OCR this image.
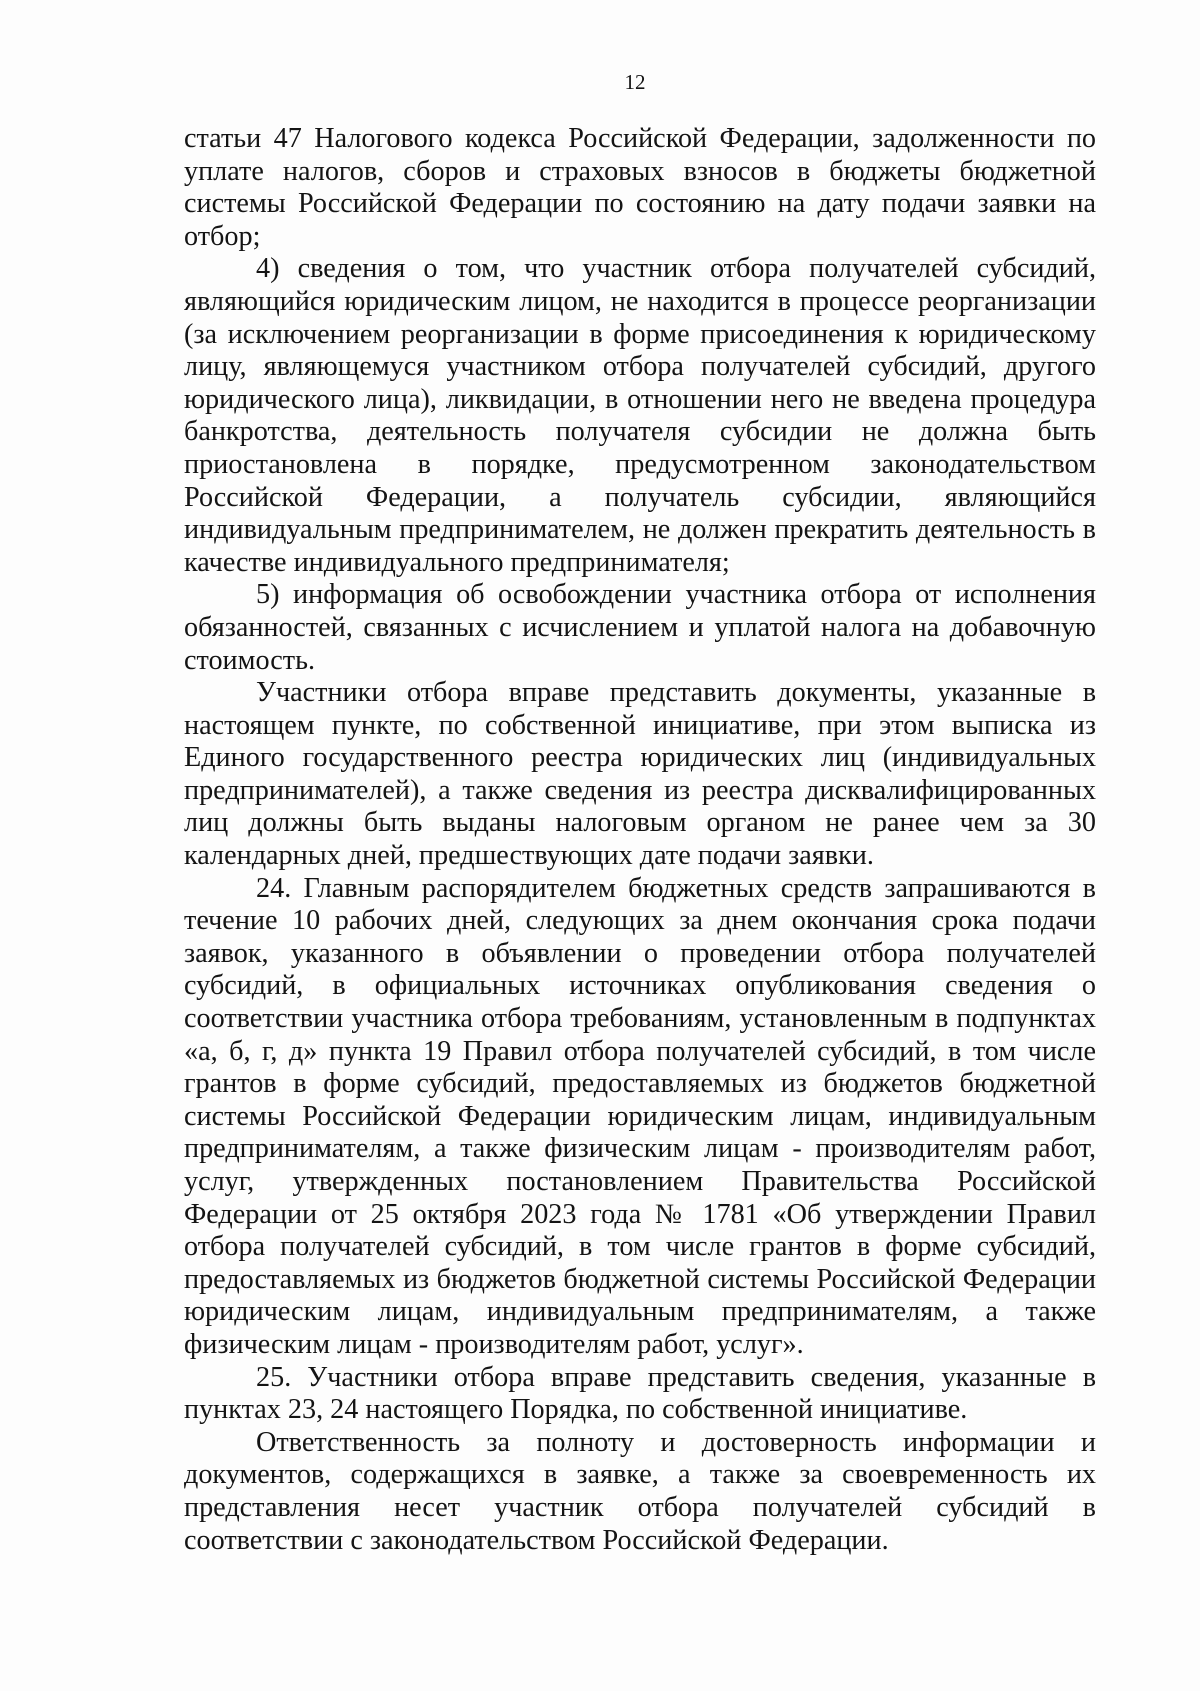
12

статьи 47 Налогового кодекса Российской Федерации, задолженности по уплате налогов, сборов и страховых взносов в бюджеты бюджетной системы Российской Федерации по состоянию на дату подачи заявки на отбор;

4) сведения о том, что участник отбора получателей субсидий, являющийся юридическим лицом, не находится в процессе реорганизации (за исключением реорганизации в форме присоединения к юридическому лицу, являющемуся участником отбора получателей субсидий, другого юридического лица), ликвидации, в отношении него не введена процедура банкротства, деятельность получателя субсидии не должна быть приостановлена в порядке, предусмотренном законодательством Российской Федерации, а получатель субсидии, являющийся индивидуальным предпринимателем, не должен прекратить деятельность в качестве индивидуального предпринимателя;

5) информация об освобождении участника отбора от исполнения обязанностей, связанных с исчислением и уплатой налога на добавочную стоимость.

Участники отбора вправе представить документы, указанные в настоящем пункте, по собственной инициативе, при этом выписка из Единого государственного реестра юридических лиц (индивидуальных предпринимателей), а также сведения из реестра дисквалифицированных лиц должны быть выданы налоговым органом не ранее чем за 30 календарных дней, предшествующих дате подачи заявки.

24. Главным распорядителем бюджетных средств запрашиваются в течение 10 рабочих дней, следующих за днем окончания срока подачи заявок, указанного в объявлении о проведении отбора получателей субсидий, в официальных источниках опубликования сведения о соответствии участника отбора требованиям, установленным в подпунктах «а, б, г, д» пункта 19 Правил отбора получателей субсидий, в том числе грантов в форме субсидий, предоставляемых из бюджетов бюджетной системы Российской Федерации юридическим лицам, индивидуальным предпринимателям, а также физическим лицам - производителям работ, услуг, утвержденных постановлением Правительства Российской Федерации от 25 октября 2023 года № 1781 «Об утверждении Правил отбора получателей субсидий, в том числе грантов в форме субсидий, предоставляемых из бюджетов бюджетной системы Российской Федерации юридическим лицам, индивидуальным предпринимателям, а также физическим лицам - производителям работ, услуг».

25. Участники отбора вправе представить сведения, указанные в пунктах 23, 24 настоящего Порядка, по собственной инициативе.

Ответственность за полноту и достоверность информации и документов, содержащихся в заявке, а также за своевременность их представления несет участник отбора получателей субсидий в соответствии с законодательством Российской Федерации.
